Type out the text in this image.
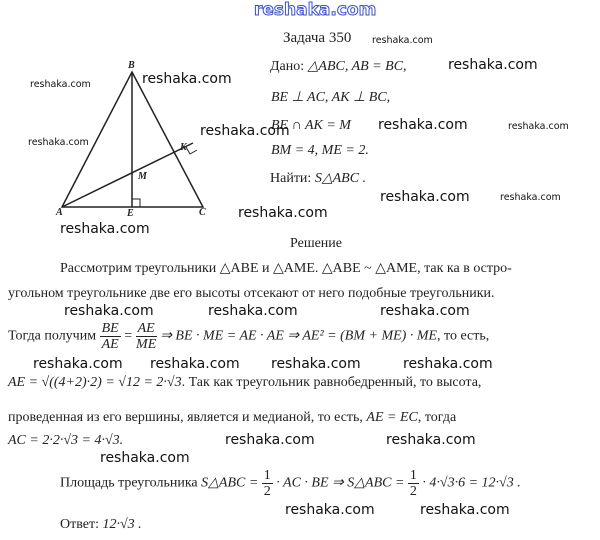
B
K
M
A	E	C
Задача 350
Дано: △ABC, AB = BC,
BE ⊥ AC, AK ⊥ BC,
BE ∩ AK = M
BM = 4, ME = 2.
Найти: S△ABC .
Решение
Рассмотрим треугольники △ABE и △AME. △ABE ~ △AME, так ка в остро-
угольном треугольнике две его высоты отсекают от него подобные треугольники.
Тогда получим $\frac{BE}{AE} = \frac{AE}{ME}$ ⇒ BE · ME = AE · AE ⇒ AE² = (BM + ME) · ME, то есть,
AE = √((4+2)·2) = √12 = 2·√3. Так как треугольник равнобедренный, то высота,
проведенная из его вершины, является и медианой, то есть, AE = EC, тогда
AC = 2·2·√3 = 4·√3.
Площадь треугольника S△ABC = $\frac{1}{2}$ · AC · BE ⇒ S△ABC = $\frac{1}{2} \cdot 4\cdot√3\cdot 6 = 12\cdot√3$ .
Ответ: 12·√3 .
reshaka.com
reshaka.com
reshaka.com
reshaka.com
reshaka.com
reshaka.com
reshaka.com
reshaka.com
reshaka.com
reshaka.com	reshaka.com
reshaka.com	reshaka.com
reshaka.com	reshaka.com
reshaka.com
reshaka.com	reshaka.com
reshaka.com reshaka.com
reshaka.com	reshaka.com
reshaka.com
reshaka.com	reshaka.com
